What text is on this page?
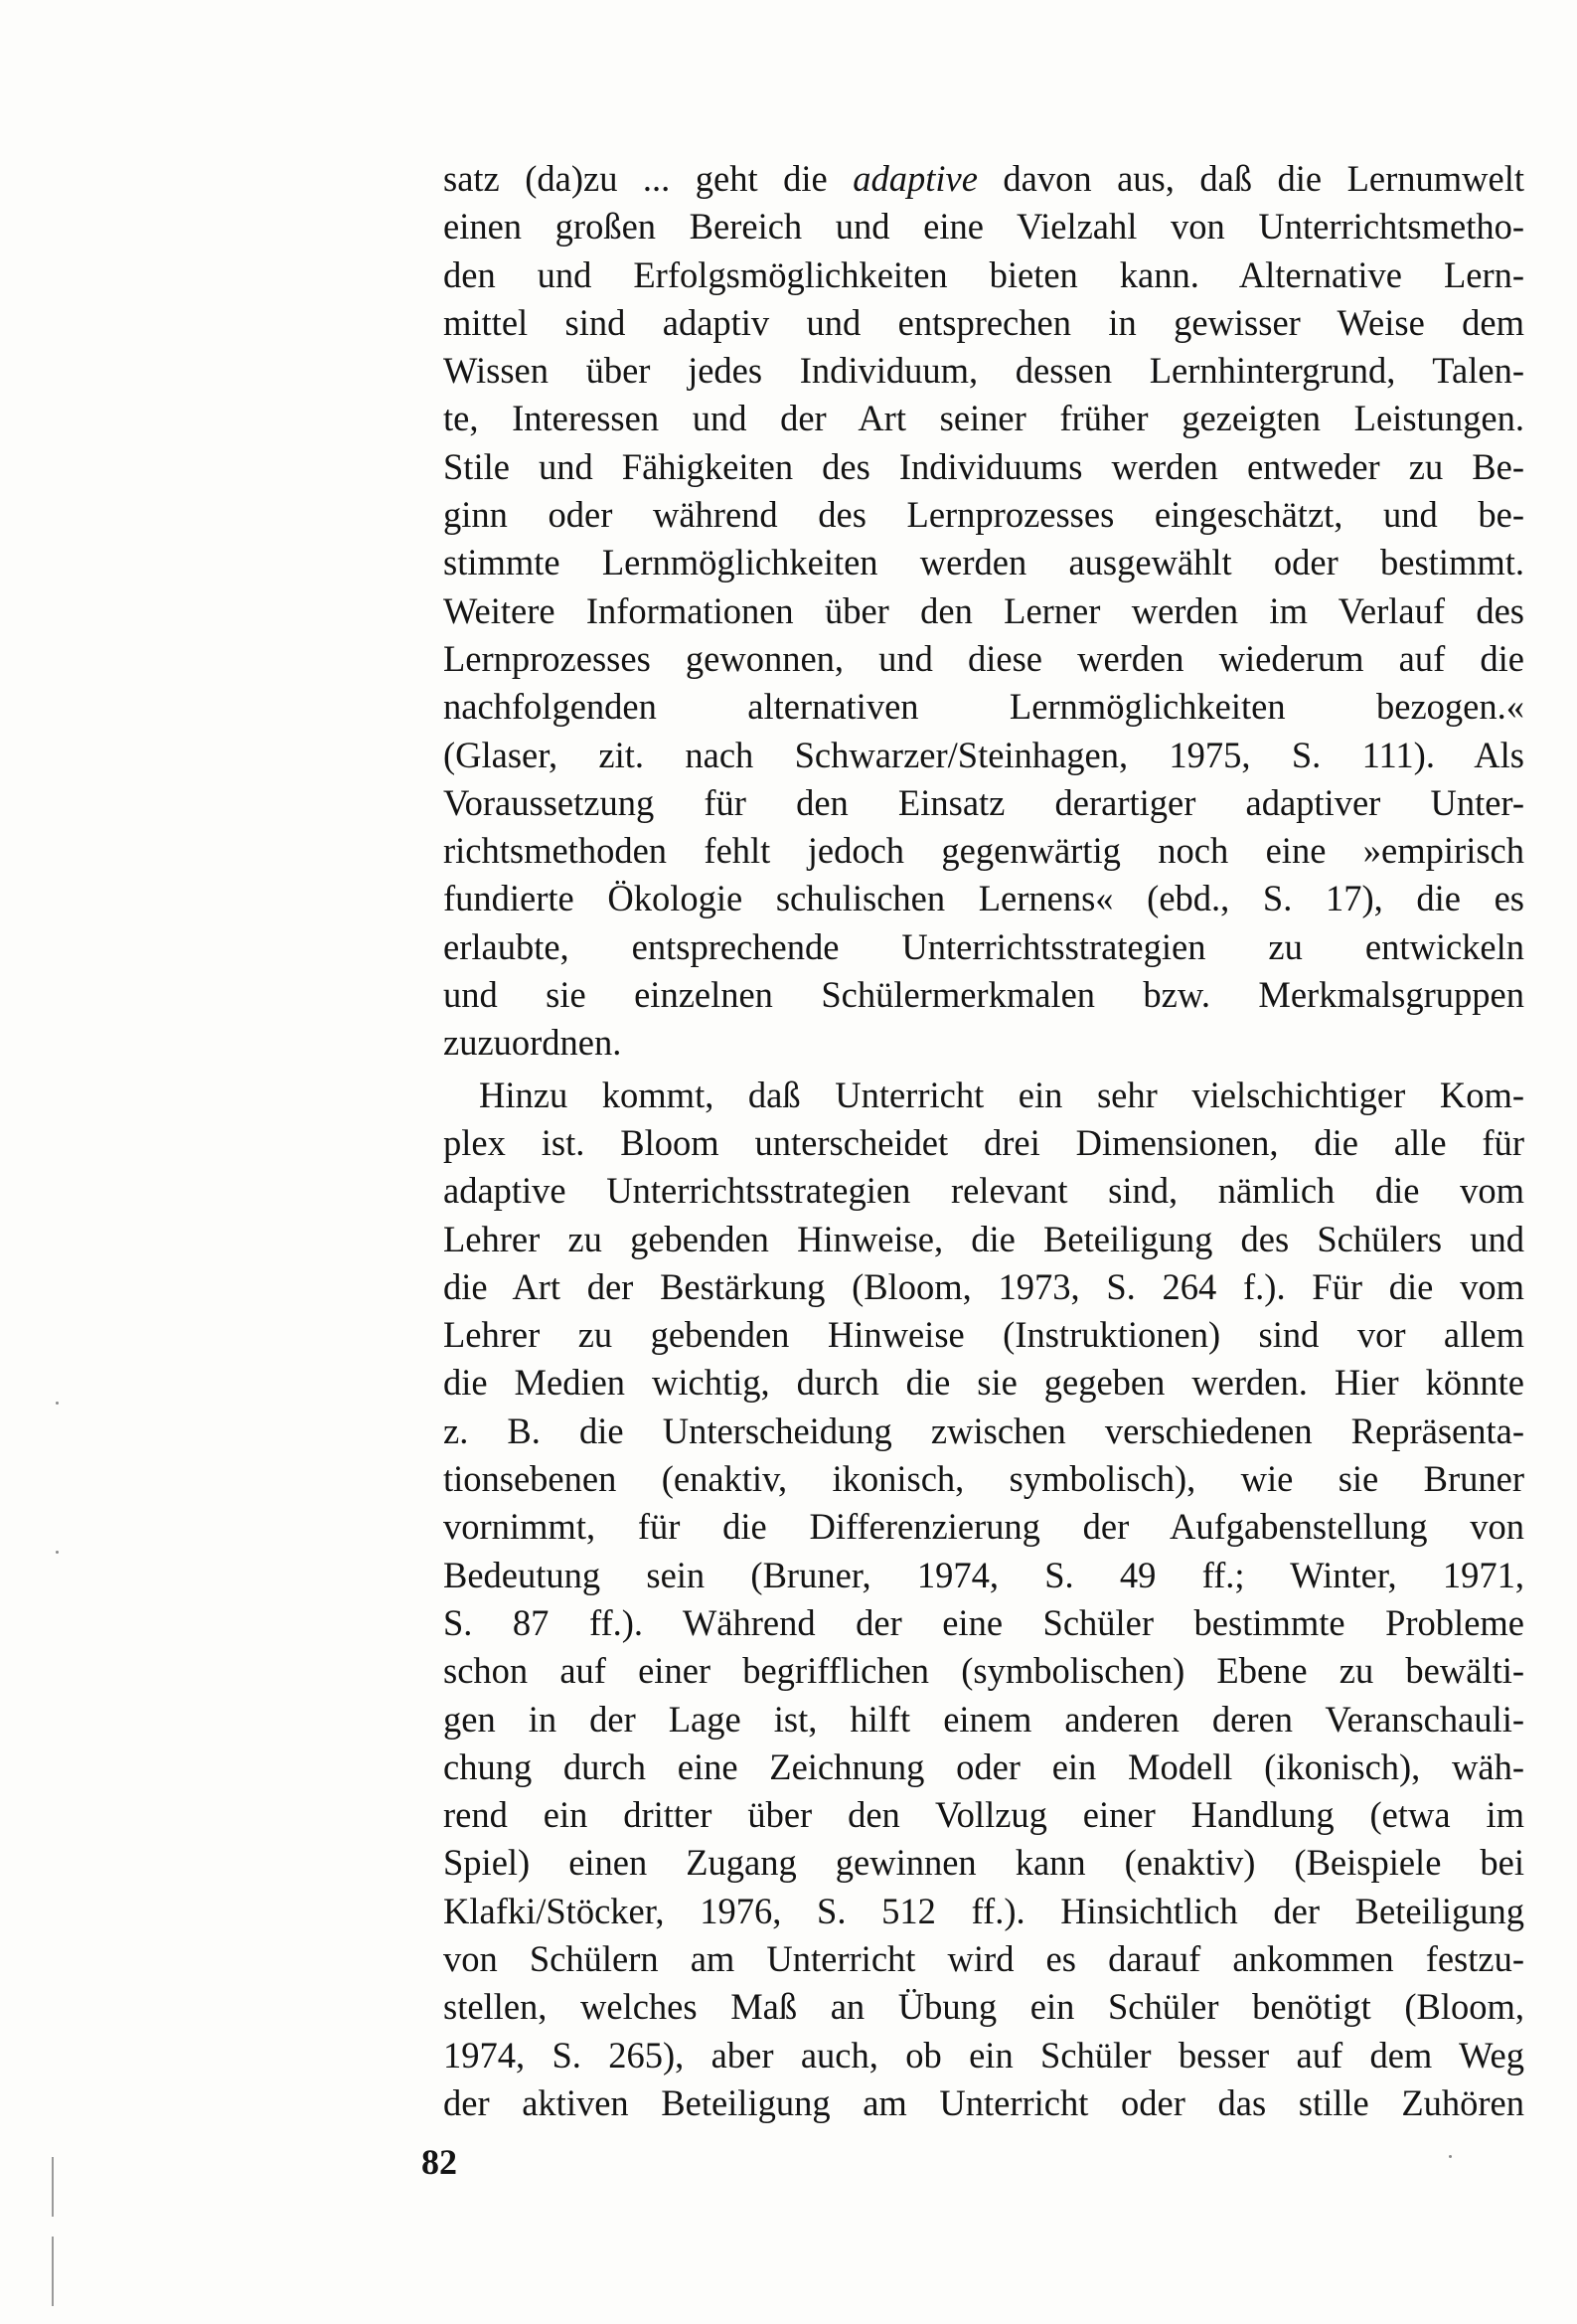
satz (da)zu ... geht die adaptive davon aus, daß die Lernumwelt
einen großen Bereich und eine Vielzahl von Unterrichtsmetho-
den und Erfolgsmöglichkeiten bieten kann. Alternative Lern-
mittel sind adaptiv und entsprechen in gewisser Weise dem
Wissen über jedes Individuum, dessen Lernhintergrund, Talen-
te, Interessen und der Art seiner früher gezeigten Leistungen.
Stile und Fähigkeiten des Individuums werden entweder zu Be-
ginn oder während des Lernprozesses eingeschätzt, und be-
stimmte Lernmöglichkeiten werden ausgewählt oder bestimmt.
Weitere Informationen über den Lerner werden im Verlauf des
Lernprozesses gewonnen, und diese werden wiederum auf die
nachfolgenden alternativen Lernmöglichkeiten bezogen.«
(Glaser, zit. nach Schwarzer/Steinhagen, 1975, S. 111). Als
Voraussetzung für den Einsatz derartiger adaptiver Unter-
richtsmethoden fehlt jedoch gegenwärtig noch eine »empirisch
fundierte Ökologie schulischen Lernens« (ebd., S. 17), die es
erlaubte, entsprechende Unterrichtsstrategien zu entwickeln
und sie einzelnen Schülermerkmalen bzw. Merkmalsgruppen
zuzuordnen.
Hinzu kommt, daß Unterricht ein sehr vielschichtiger Kom-
plex ist. Bloom unterscheidet drei Dimensionen, die alle für
adaptive Unterrichtsstrategien relevant sind, nämlich die vom
Lehrer zu gebenden Hinweise, die Beteiligung des Schülers und
die Art der Bestärkung (Bloom, 1973, S. 264 f.). Für die vom
Lehrer zu gebenden Hinweise (Instruktionen) sind vor allem
die Medien wichtig, durch die sie gegeben werden. Hier könnte
z. B. die Unterscheidung zwischen verschiedenen Repräsenta-
tionsebenen (enaktiv, ikonisch, symbolisch), wie sie Bruner
vornimmt, für die Differenzierung der Aufgabenstellung von
Bedeutung sein (Bruner, 1974, S. 49 ff.; Winter, 1971,
S. 87 ff.). Während der eine Schüler bestimmte Probleme
schon auf einer begrifflichen (symbolischen) Ebene zu bewälti-
gen in der Lage ist, hilft einem anderen deren Veranschauli-
chung durch eine Zeichnung oder ein Modell (ikonisch), wäh-
rend ein dritter über den Vollzug einer Handlung (etwa im
Spiel) einen Zugang gewinnen kann (enaktiv) (Beispiele bei
Klafki/Stöcker, 1976, S. 512 ff.). Hinsichtlich der Beteiligung
von Schülern am Unterricht wird es darauf ankommen festzu-
stellen, welches Maß an Übung ein Schüler benötigt (Bloom,
1974, S. 265), aber auch, ob ein Schüler besser auf dem Weg
der aktiven Beteiligung am Unterricht oder das stille Zuhören
82
